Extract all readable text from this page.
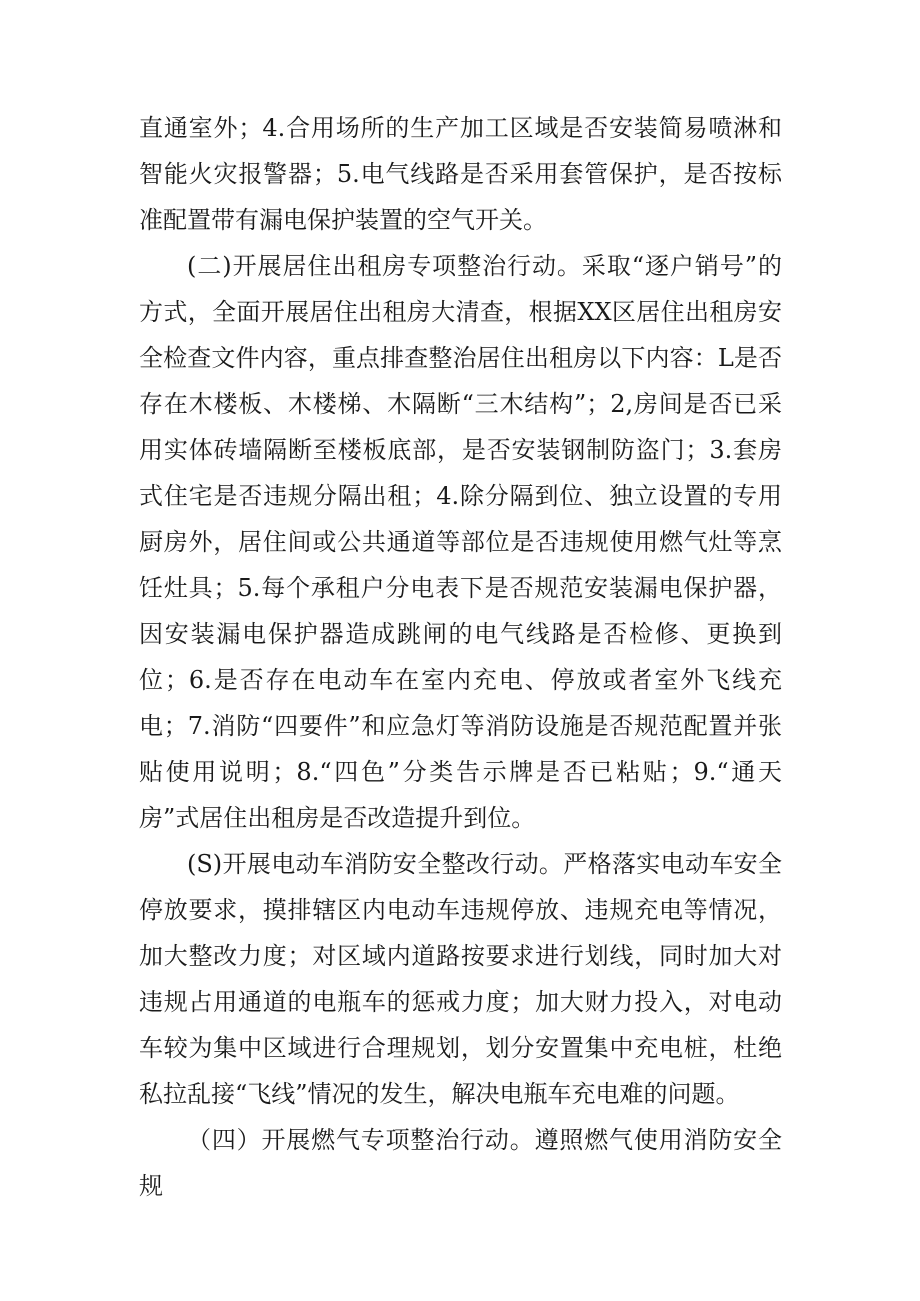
直通室外；4.合用场所的生产加工区域是否安装简易喷淋和智能火灾报警器；5.电气线路是否采用套管保护，是否按标准配置带有漏电保护装置的空气开关。

(二)开展居住出租房专项整治行动。采取“逐户销号”的方式，全面开展居住出租房大清查，根据XX区居住出租房安全检查文件内容，重点排查整治居住出租房以下内容：L是否存在木楼板、木楼梯、木隔断“三木结构”；2,房间是否已采用实体砖墙隔断至楼板底部，是否安装钢制防盗门；3.套房式住宅是否违规分隔出租；4.除分隔到位、独立设置的专用厨房外，居住间或公共通道等部位是否违规使用燃气灶等烹饪灶具；5.每个承租户分电表下是否规范安装漏电保护器，因安装漏电保护器造成跳闸的电气线路是否检修、更换到位；6.是否存在电动车在室内充电、停放或者室外飞线充电；7.消防“四要件”和应急灯等消防设施是否规范配置并张贴使用说明；8.“四色”分类告示牌是否已粘贴；9.“通天房”式居住出租房是否改造提升到位。

(S)开展电动车消防安全整改行动。严格落实电动车安全停放要求，摸排辖区内电动车违规停放、违规充电等情况，加大整改力度；对区域内道路按要求进行划线，同时加大对违规占用通道的电瓶车的惩戒力度；加大财力投入，对电动车较为集中区域进行合理规划，划分安置集中充电桩，杜绝私拉乱接“飞线”情况的发生，解决电瓶车充电难的问题。

（四）开展燃气专项整治行动。遵照燃气使用消防安全规
